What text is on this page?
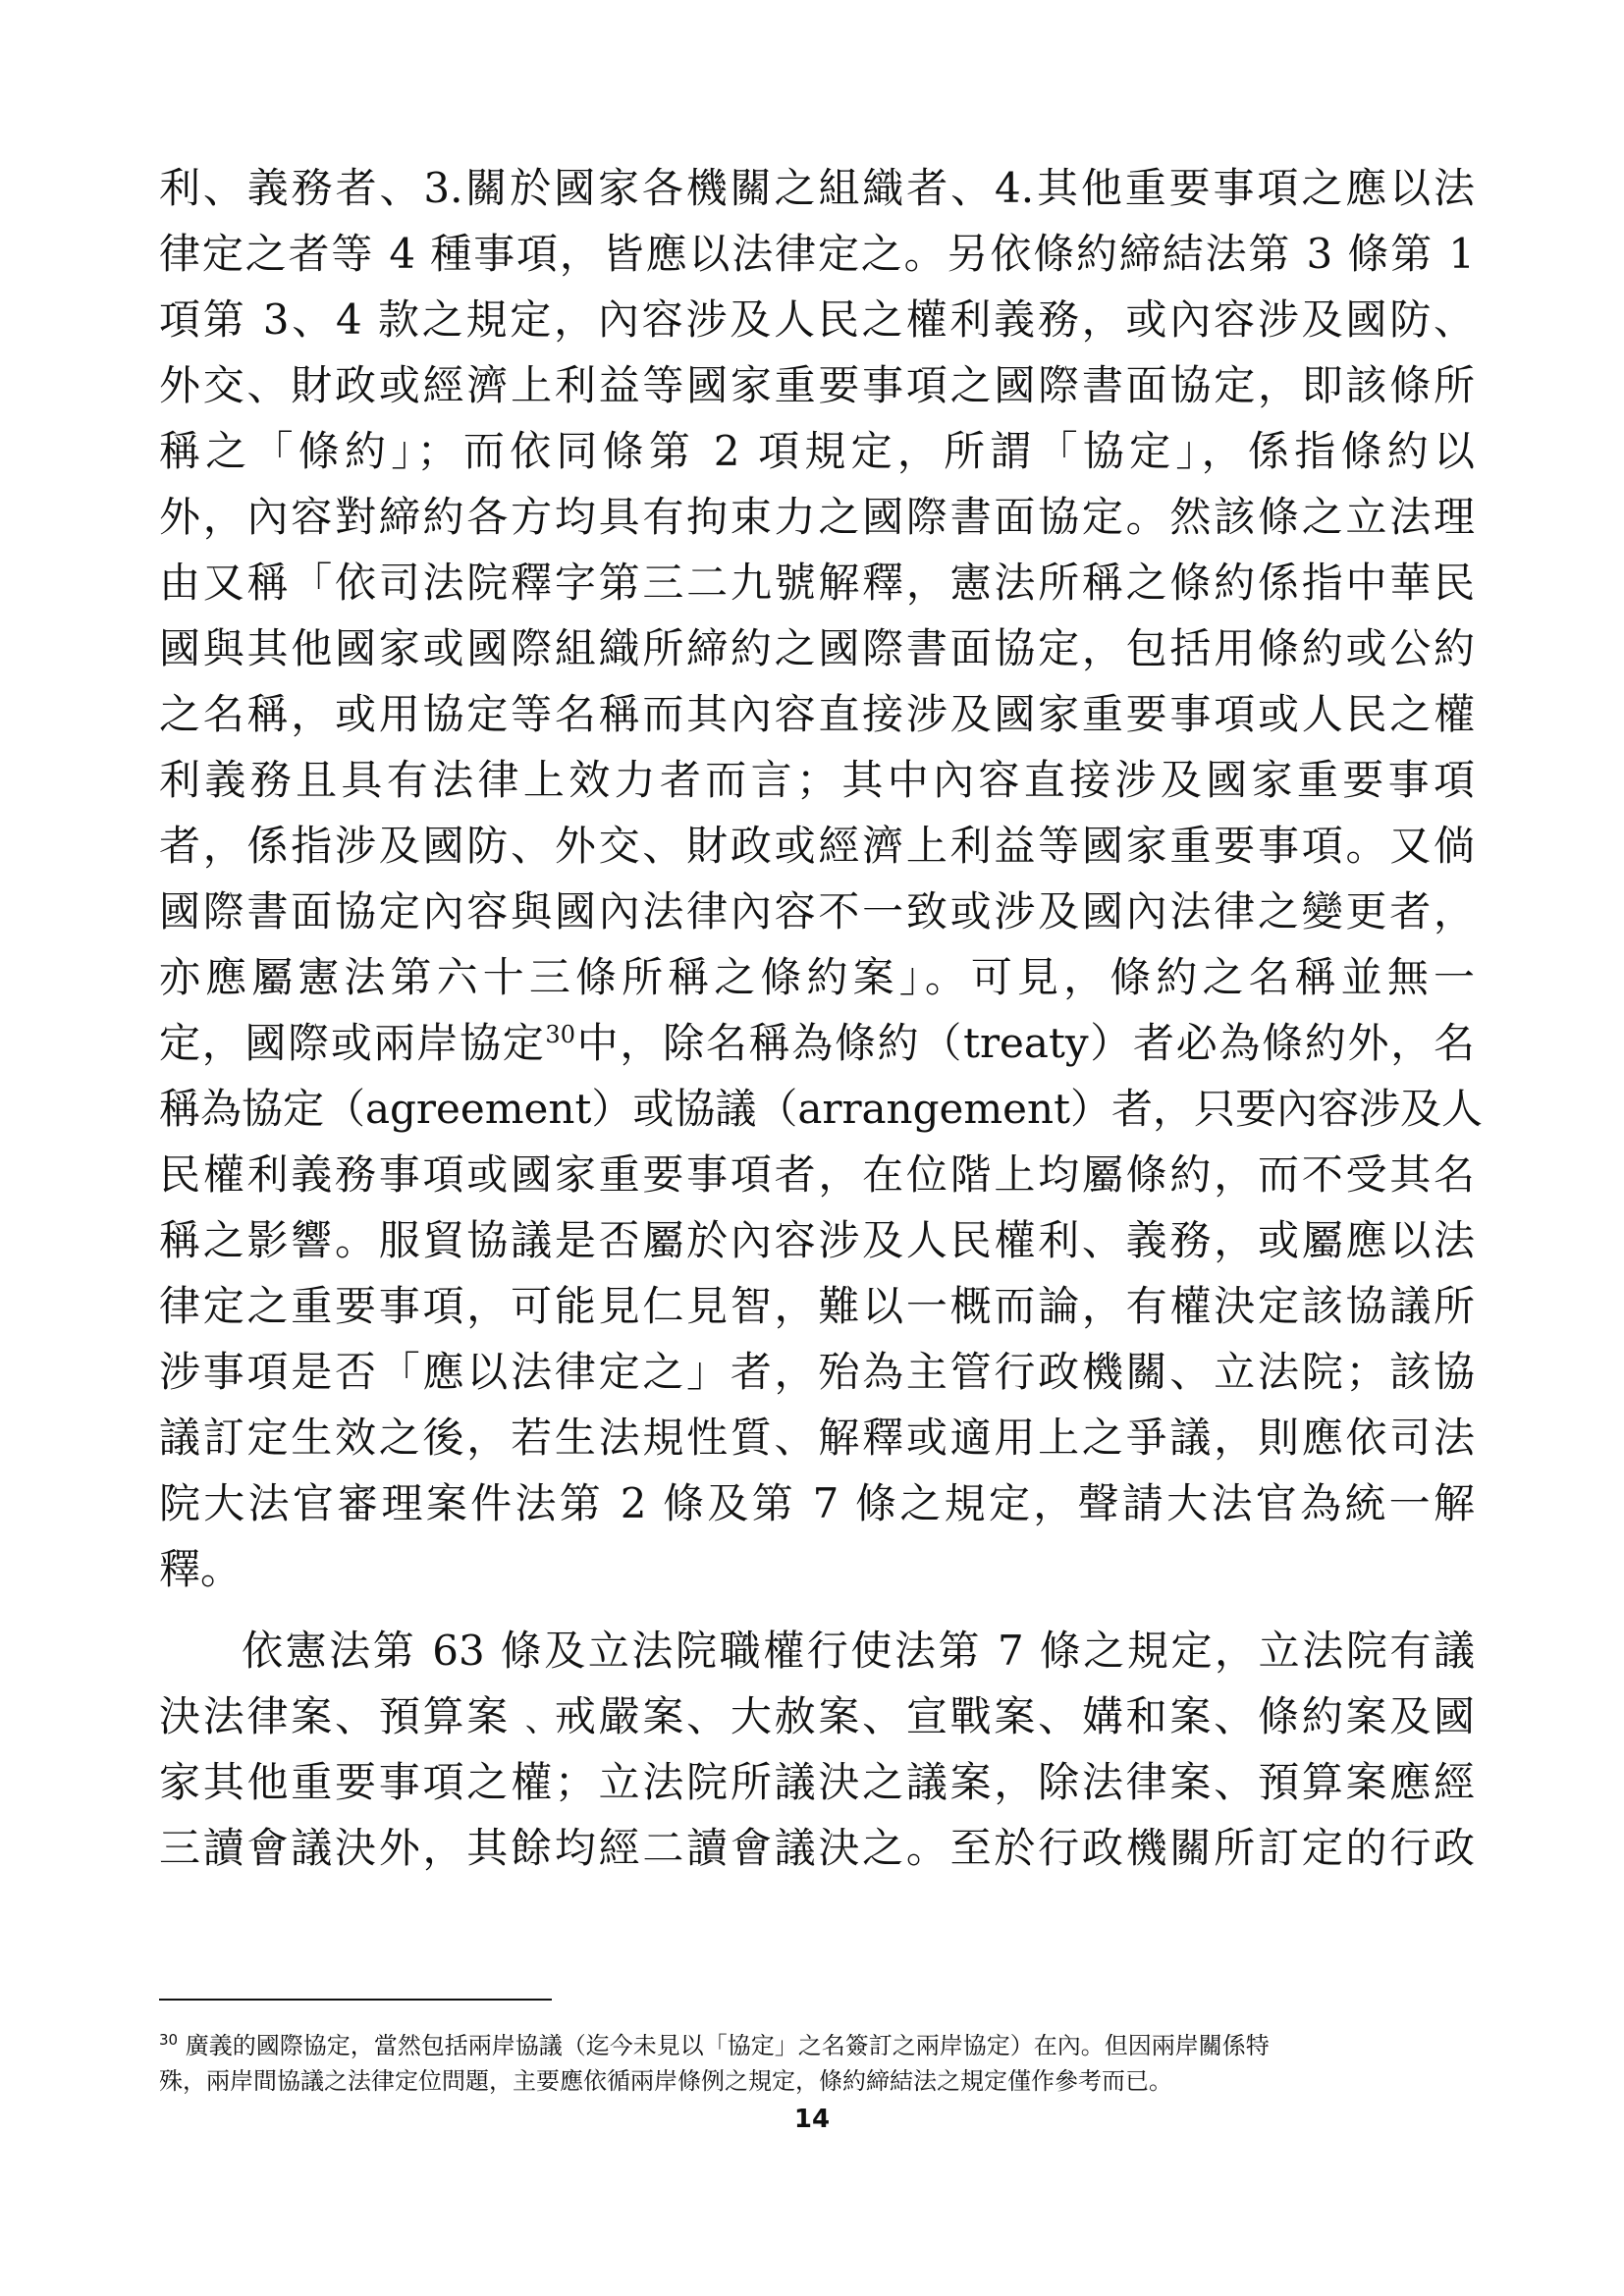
利、義務者、3.關於國家各機關之組織者、4.其他重要事項之應以法
律定之者等 4 種事項，皆應以法律定之。另依條約締結法第 3 條第 1
項第 3、4 款之規定，內容涉及人民之權利義務，或內容涉及國防、
外交、財政或經濟上利益等國家重要事項之國際書面協定，即該條所
稱之「條約」；而依同條第 2 項規定，所謂「協定」，係指條約以
外，內容對締約各方均具有拘束力之國際書面協定。然該條之立法理
由又稱「依司法院釋字第三二九號解釋，憲法所稱之條約係指中華民
國與其他國家或國際組織所締約之國際書面協定，包括用條約或公約
之名稱，或用協定等名稱而其內容直接涉及國家重要事項或人民之權
利義務且具有法律上效力者而言；其中內容直接涉及國家重要事項
者，係指涉及國防、外交、財政或經濟上利益等國家重要事項。又倘
國際書面協定內容與國內法律內容不一致或涉及國內法律之變更者，
亦應屬憲法第六十三條所稱之條約案」。可見，條約之名稱並無一
定，國際或兩岸協定$^{30}$中，除名稱為條約（treaty）者必為條約外，名
稱為協定（agreement）或協議（arrangement）者，只要內容涉及人
民權利義務事項或國家重要事項者，在位階上均屬條約，而不受其名
稱之影響。服貿協議是否屬於內容涉及人民權利、義務，或屬應以法
律定之重要事項，可能見仁見智，難以一概而論，有權決定該協議所
涉事項是否「應以法律定之」者，殆為主管行政機關、立法院；該協
議訂定生效之後，若生法規性質、解釋或適用上之爭議，則應依司法
院大法官審理案件法第 2 條及第 7 條之規定，聲請大法官為統一解
釋。
依憲法第 63 條及立法院職權行使法第 7 條之規定，立法院有議
決法律案、預算案﹑戒嚴案、大赦案、宣戰案、媾和案、條約案及國
家其他重要事項之權；立法院所議決之議案，除法律案、預算案應經
三讀會議決外，其餘均經二讀會議決之。至於行政機關所訂定的行政
$^{30}$ 廣義的國際協定，當然包括兩岸協議（迄今未見以「協定」之名簽訂之兩岸協定）在內。但因兩岸關係特
殊，兩岸間協議之法律定位問題，主要應依循兩岸條例之規定，條約締結法之規定僅作參考而已。
14
